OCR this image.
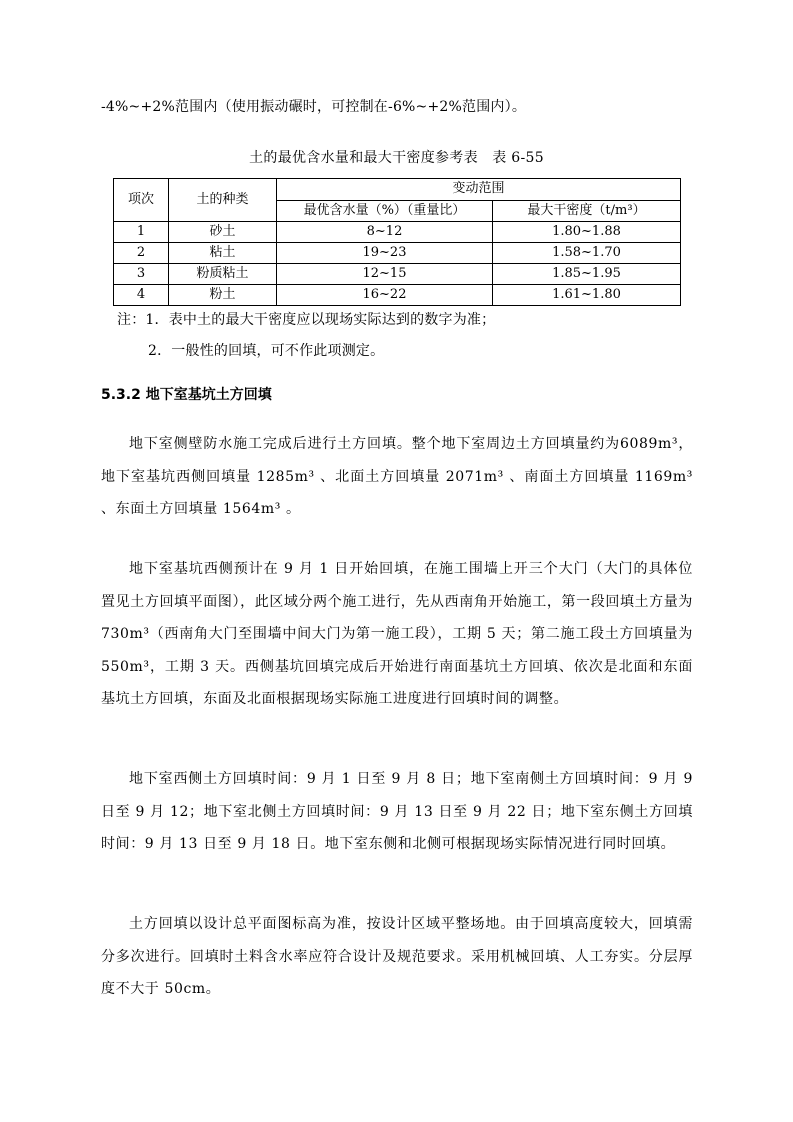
-4%~+2%范围内（使用振动碾时，可控制在-6%~+2%范围内）。
土的最优含水量和最大干密度参考表　表 6-55
项次	土的种类	变动范围	
		最优含水量（%）（重量比）	最大干密度（t/m³）
1	砂土	8~12	1.80~1.88
2	粘土	19~23	1.58~1.70
3	粉质粘土	12~15	1.85~1.95
4	粉土	16~22	1.61~1.80
注：1．表中土的最大干密度应以现场实际达到的数字为准；
2．一般性的回填，可不作此项测定。
5.3.2 地下室基坑土方回填
地下室侧壁防水施工完成后进行土方回填。整个地下室周边土方回填量约为6089m³，地下室基坑西侧回填量 1285m³ 、北面土方回填量 2071m³ 、南面土方回填量 1169m³ 、东面土方回填量 1564m³ 。
地下室基坑西侧预计在 9 月 1 日开始回填，在施工围墙上开三个大门（大门的具体位置见土方回填平面图），此区域分两个施工进行，先从西南角开始施工，第一段回填土方量为 730m³（西南角大门至围墙中间大门为第一施工段），工期 5 天；第二施工段土方回填量为 550m³，工期 3 天。西侧基坑回填完成后开始进行南面基坑土方回填、依次是北面和东面基坑土方回填，东面及北面根据现场实际施工进度进行回填时间的调整。
地下室西侧土方回填时间：9 月 1 日至 9 月 8 日；地下室南侧土方回填时间：9 月 9 日至 9 月 12；地下室北侧土方回填时间：9 月 13 日至 9 月 22 日；地下室东侧土方回填时间：9 月 13 日至 9 月 18 日。地下室东侧和北侧可根据现场实际情况进行同时回填。
土方回填以设计总平面图标高为准，按设计区域平整场地。由于回填高度较大，回填需分多次进行。回填时土料含水率应符合设计及规范要求。采用机械回填、人工夯实。分层厚度不大于 50cm。
